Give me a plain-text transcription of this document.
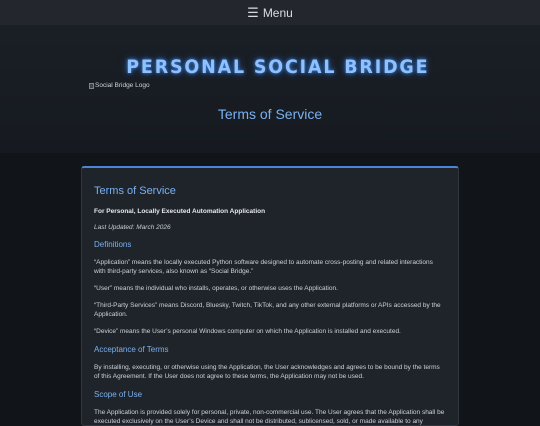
☰ Menu
PERSONAL SOCIAL BRIDGE
Social Bridge Logo
Terms of Service
Terms of Service
For Personal, Locally Executed Automation Application
Last Updated: March 2026
Definitions

“Application” means the locally executed Python software designed to automate cross-posting and related interactions with third-party services, also known as “Social Bridge.”

“User” means the individual who installs, operates, or otherwise uses the Application.

“Third-Party Services” means Discord, Bluesky, Twitch, TikTok, and any other external platforms or APIs accessed by the Application.

“Device” means the User’s personal Windows computer on which the Application is installed and executed.

Acceptance of Terms

By installing, executing, or otherwise using the Application, the User acknowledges and agrees to be bound by the terms of this Agreement. If the User does not agree to these terms, the Application may not be used.

Scope of Use

The Application is provided solely for personal, private, non-commercial use. The User agrees that the Application shall be executed exclusively on the User’s Device and shall not be distributed, sublicensed, sold, or made available to any
